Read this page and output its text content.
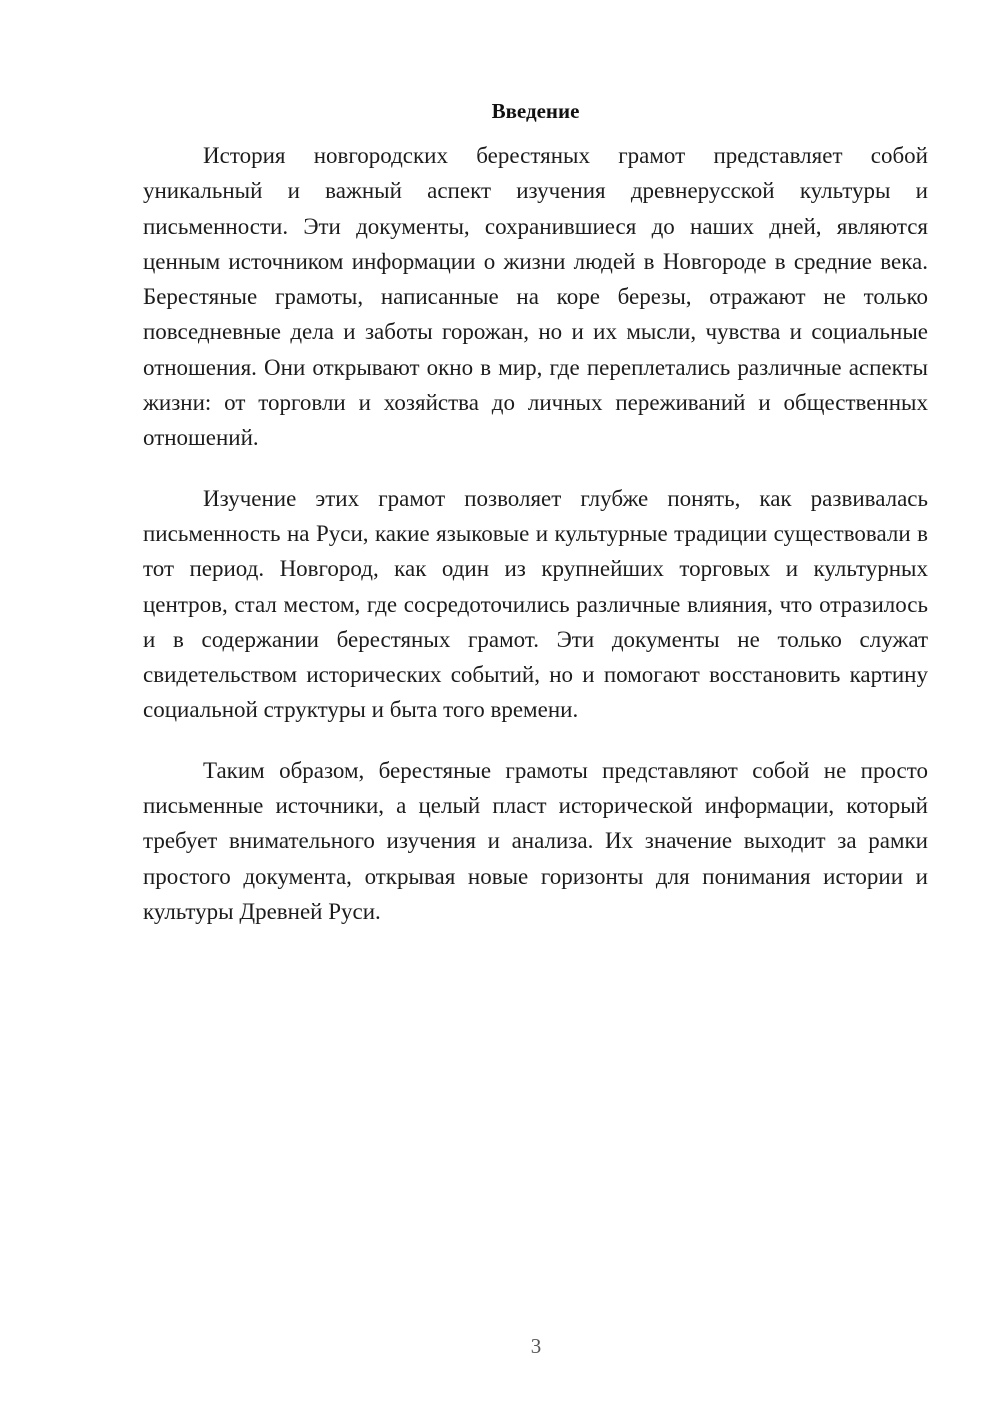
Введение

История новгородских берестяных грамот представляет собой уникальный и важный аспект изучения древнерусской культуры и письменности. Эти документы, сохранившиеся до наших дней, являются ценным источником информации о жизни людей в Новгороде в средние века. Берестяные грамоты, написанные на коре березы, отражают не только повседневные дела и заботы горожан, но и их мысли, чувства и социальные отношения. Они открывают окно в мир, где переплетались различные аспекты жизни: от торговли и хозяйства до личных переживаний и общественных отношений.

Изучение этих грамот позволяет глубже понять, как развивалась письменность на Руси, какие языковые и культурные традиции существовали в тот период. Новгород, как один из крупнейших торговых и культурных центров, стал местом, где сосредоточились различные влияния, что отразилось и в содержании берестяных грамот. Эти документы не только служат свидетельством исторических событий, но и помогают восстановить картину социальной структуры и быта того времени.

Таким образом, берестяные грамоты представляют собой не просто письменные источники, а целый пласт исторической информации, который требует внимательного изучения и анализа. Их значение выходит за рамки простого документа, открывая новые горизонты для понимания истории и культуры Древней Руси.

3
